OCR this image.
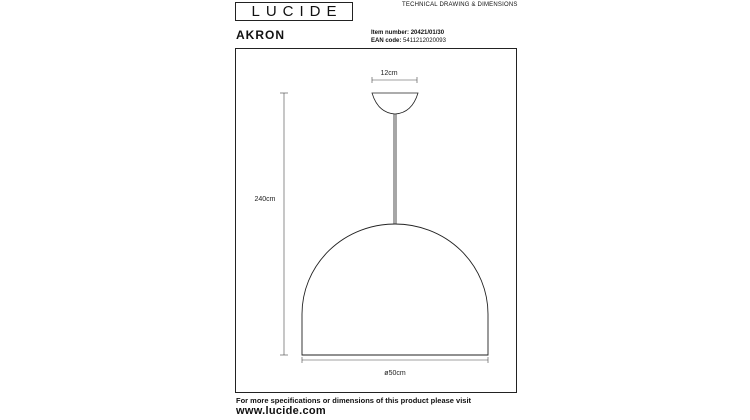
LUCIDE	TECHNICAL DRAWING & DIMENSIONS
AKRON	Item number: 20421/01/30
EAN code: 5411212020093
12cm
240cm
ø50cm
For more specifications or dimensions of this product please visit
www.lucide.com
